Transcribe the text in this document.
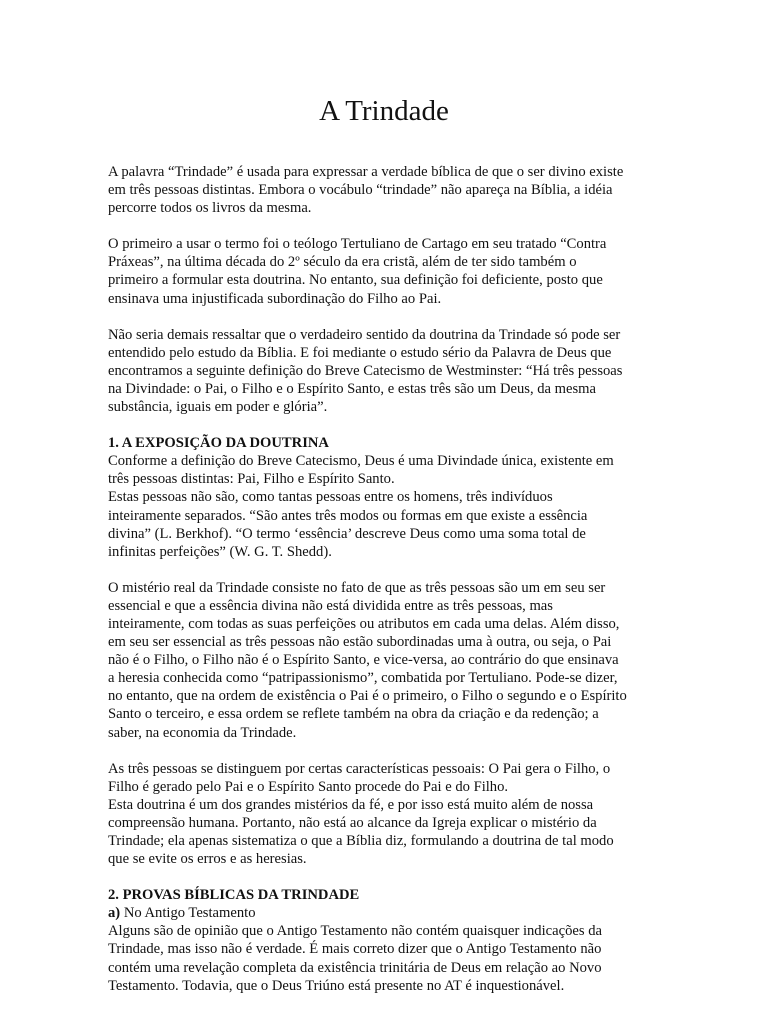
A Trindade

A palavra “Trindade” é usada para expressar a verdade bíblica de que o ser divino existe
em três pessoas distintas. Embora o vocábulo “trindade” não apareça na Bíblia, a idéia
percorre todos os livros da mesma.

O primeiro a usar o termo foi o teólogo Tertuliano de Cartago em seu tratado “Contra
Práxeas”, na última década do 2º século da era cristã, além de ter sido também o
primeiro a formular esta doutrina. No entanto, sua definição foi deficiente, posto que
ensinava uma injustificada subordinação do Filho ao Pai.

Não seria demais ressaltar que o verdadeiro sentido da doutrina da Trindade só pode ser
entendido pelo estudo da Bíblia. E foi mediante o estudo sério da Palavra de Deus que
encontramos a seguinte definição do Breve Catecismo de Westminster: “Há três pessoas
na Divindade: o Pai, o Filho e o Espírito Santo, e estas três são um Deus, da mesma
substância, iguais em poder e glória”.

1. A EXPOSIÇÃO DA DOUTRINA

Conforme a definição do Breve Catecismo, Deus é uma Divindade única, existente em
três pessoas distintas: Pai, Filho e Espírito Santo.
Estas pessoas não são, como tantas pessoas entre os homens, três indivíduos
inteiramente separados. “São antes três modos ou formas em que existe a essência
divina” (L. Berkhof). “O termo ‘essência’ descreve Deus como uma soma total de
infinitas perfeições” (W. G. T. Shedd).

O mistério real da Trindade consiste no fato de que as três pessoas são um em seu ser
essencial e que a essência divina não está dividida entre as três pessoas, mas
inteiramente, com todas as suas perfeições ou atributos em cada uma delas. Além disso,
em seu ser essencial as três pessoas não estão subordinadas uma à outra, ou seja, o Pai
não é o Filho, o Filho não é o Espírito Santo, e vice-versa, ao contrário do que ensinava
a heresia conhecida como “patripassionismo”, combatida por Tertuliano. Pode-se dizer,
no entanto, que na ordem de existência o Pai é o primeiro, o Filho o segundo e o Espírito
Santo o terceiro, e essa ordem se reflete também na obra da criação e da redenção; a
saber, na economia da Trindade.

As três pessoas se distinguem por certas características pessoais: O Pai gera o Filho, o
Filho é gerado pelo Pai e o Espírito Santo procede do Pai e do Filho.
Esta doutrina é um dos grandes mistérios da fé, e por isso está muito além de nossa
compreensão humana. Portanto, não está ao alcance da Igreja explicar o mistério da
Trindade; ela apenas sistematiza o que a Bíblia diz, formulando a doutrina de tal modo
que se evite os erros e as heresias.

2. PROVAS BÍBLICAS DA TRINDADE

a) No Antigo Testamento

Alguns são de opinião que o Antigo Testamento não contém quaisquer indicações da
Trindade, mas isso não é verdade. É mais correto dizer que o Antigo Testamento não
contém uma revelação completa da existência trinitária de Deus em relação ao Novo
Testamento. Todavia, que o Deus Triúno está presente no AT é inquestionável.
